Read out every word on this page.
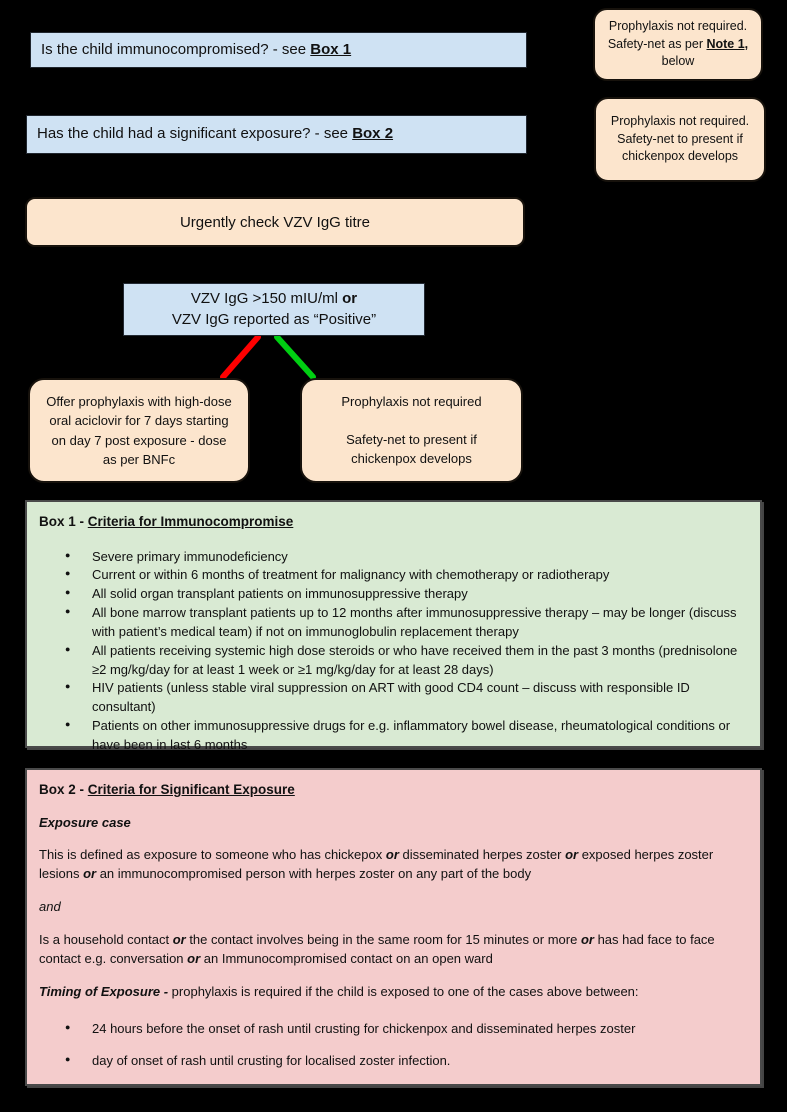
Is the child immunocompromised? - see Box 1
Prophylaxis not required. Safety-net as per Note 1, below
Has the child had a significant exposure? - see Box 2
Prophylaxis not required. Safety-net to present if chickenpox develops
Urgently check VZV IgG titre
VZV IgG >150 mIU/ml or
VZV IgG reported as “Positive”
Offer prophylaxis with high-dose oral aciclovir for 7 days starting on day 7 post exposure - dose as per BNFc
Prophylaxis not required
Safety-net to present if chickenpox develops

Box 1 - Criteria for Immunocompromise

● Severe primary immunodeficiency
● Current or within 6 months of treatment for malignancy with chemotherapy or radiotherapy
● All solid organ transplant patients on immunosuppressive therapy
● All bone marrow transplant patients up to 12 months after immunosuppressive therapy – may be longer (discuss with patient’s medical team) if not on immunoglobulin replacement therapy
● All patients receiving systemic high dose steroids or who have received them in the past 3 months (prednisolone ≥2 mg/kg/day for at least 1 week or ≥1 mg/kg/day for at least 28 days)
● HIV patients (unless stable viral suppression on ART with good CD4 count – discuss with responsible ID consultant)
● Patients on other immunosuppressive drugs for e.g. inflammatory bowel disease, rheumatological conditions or have been in last 6 months

Box 2 - Criteria for Significant Exposure

Exposure case

This is defined as exposure to someone who has chickepox or disseminated herpes zoster or exposed herpes zoster lesions or an immunocompromised person with herpes zoster on any part of the body

and

Is a household contact or the contact involves being in the same room for 15 minutes or more or has had face to face contact e.g. conversation or an Immunocompromised contact on an open ward

Timing of Exposure - prophylaxis is required if the child is exposed to one of the cases above between:

● 24 hours before the onset of rash until crusting for chickenpox and disseminated herpes zoster
● day of onset of rash until crusting for localised zoster infection.
